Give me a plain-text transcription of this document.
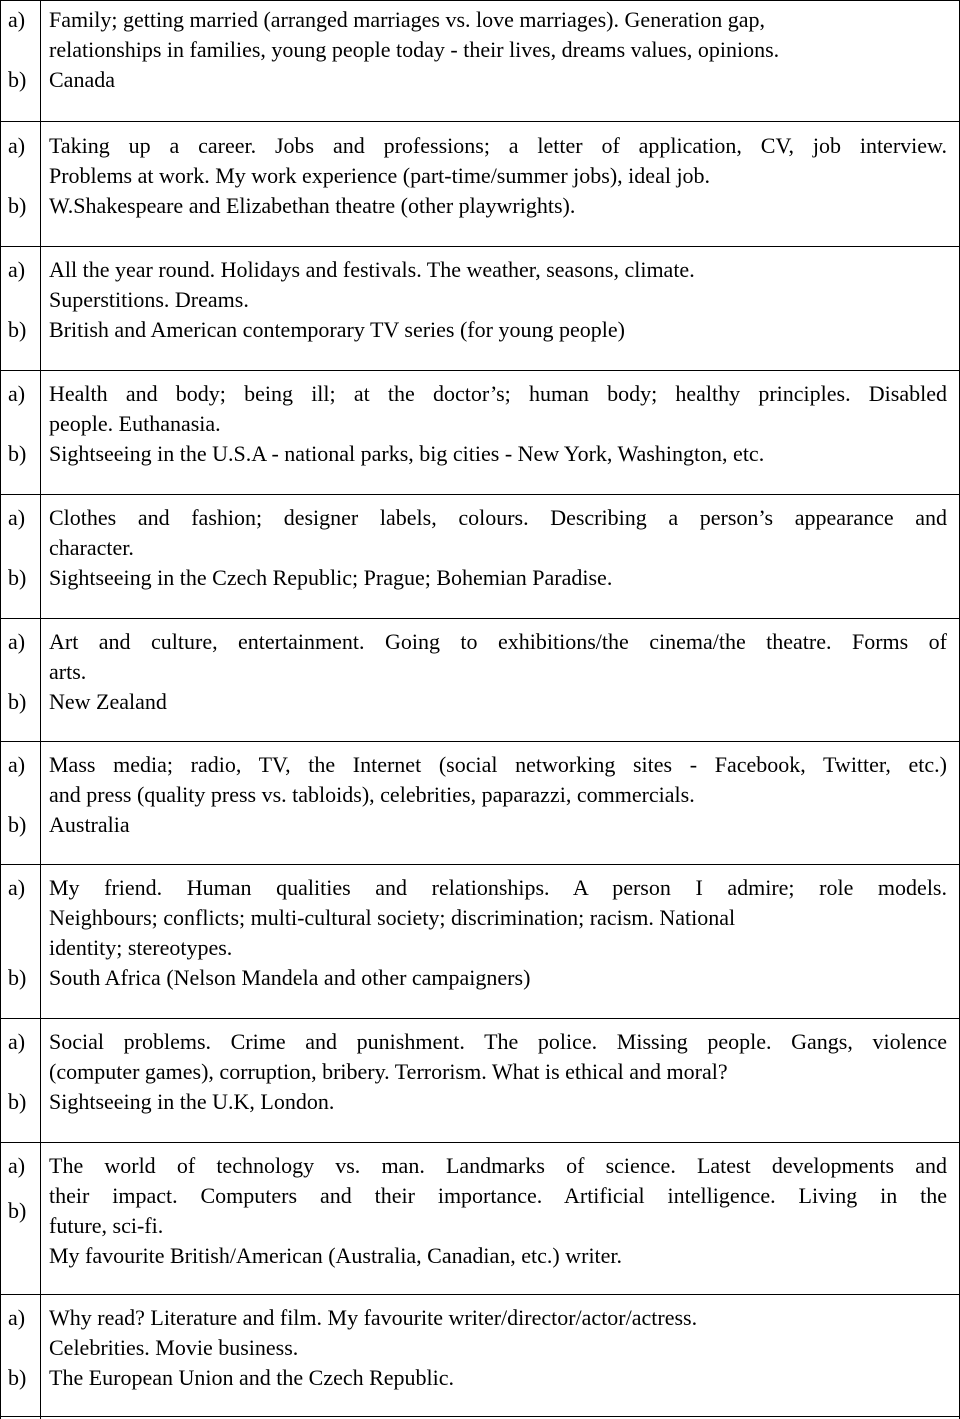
a) Family; getting married (arranged marriages vs. love marriages). Generation gap,
relationships in families, young people today - their lives, dreams values, opinions.
b) Canada
a) Taking up a career. Jobs and professions; a letter of application, CV, job interview.
Problems at work. My work experience (part-time/summer jobs), ideal job.
b) W.Shakespeare and Elizabethan theatre (other playwrights).
a) All the year round. Holidays and festivals. The weather, seasons, climate.
Superstitions. Dreams.
b) British and American contemporary TV series (for young people)
a) Health and body; being ill; at the doctor’s; human body; healthy principles. Disabled
people. Euthanasia.
b) Sightseeing in the U.S.A - national parks, big cities - New York, Washington, etc.
a) Clothes and fashion; designer labels, colours. Describing a person’s appearance and
character.
b) Sightseeing in the Czech Republic; Prague; Bohemian Paradise.
a) Art and culture, entertainment. Going to exhibitions/the cinema/the theatre. Forms of
arts.
b) New Zealand
a) Mass media; radio, TV, the Internet (social networking sites - Facebook, Twitter, etc.)
and press (quality press vs. tabloids), celebrities, paparazzi, commercials.
b) Australia
a) My friend. Human qualities and relationships. A person I admire; role models.
Neighbours; conflicts; multi-cultural society; discrimination; racism. National
identity; stereotypes.
b) South Africa (Nelson Mandela and other campaigners)
a) Social problems. Crime and punishment. The police. Missing people. Gangs, violence
(computer games), corruption, bribery. Terrorism. What is ethical and moral?
b) Sightseeing in the U.K, London.
a) The world of technology vs. man. Landmarks of science. Latest developments and
their impact. Computers and their importance. Artificial intelligence. Living in the
future, sci-fi.
b)
My favourite British/American (Australia, Canadian, etc.) writer.
a) Why read? Literature and film. My favourite writer/director/actor/actress.
Celebrities. Movie business.
b) The European Union and the Czech Republic.
